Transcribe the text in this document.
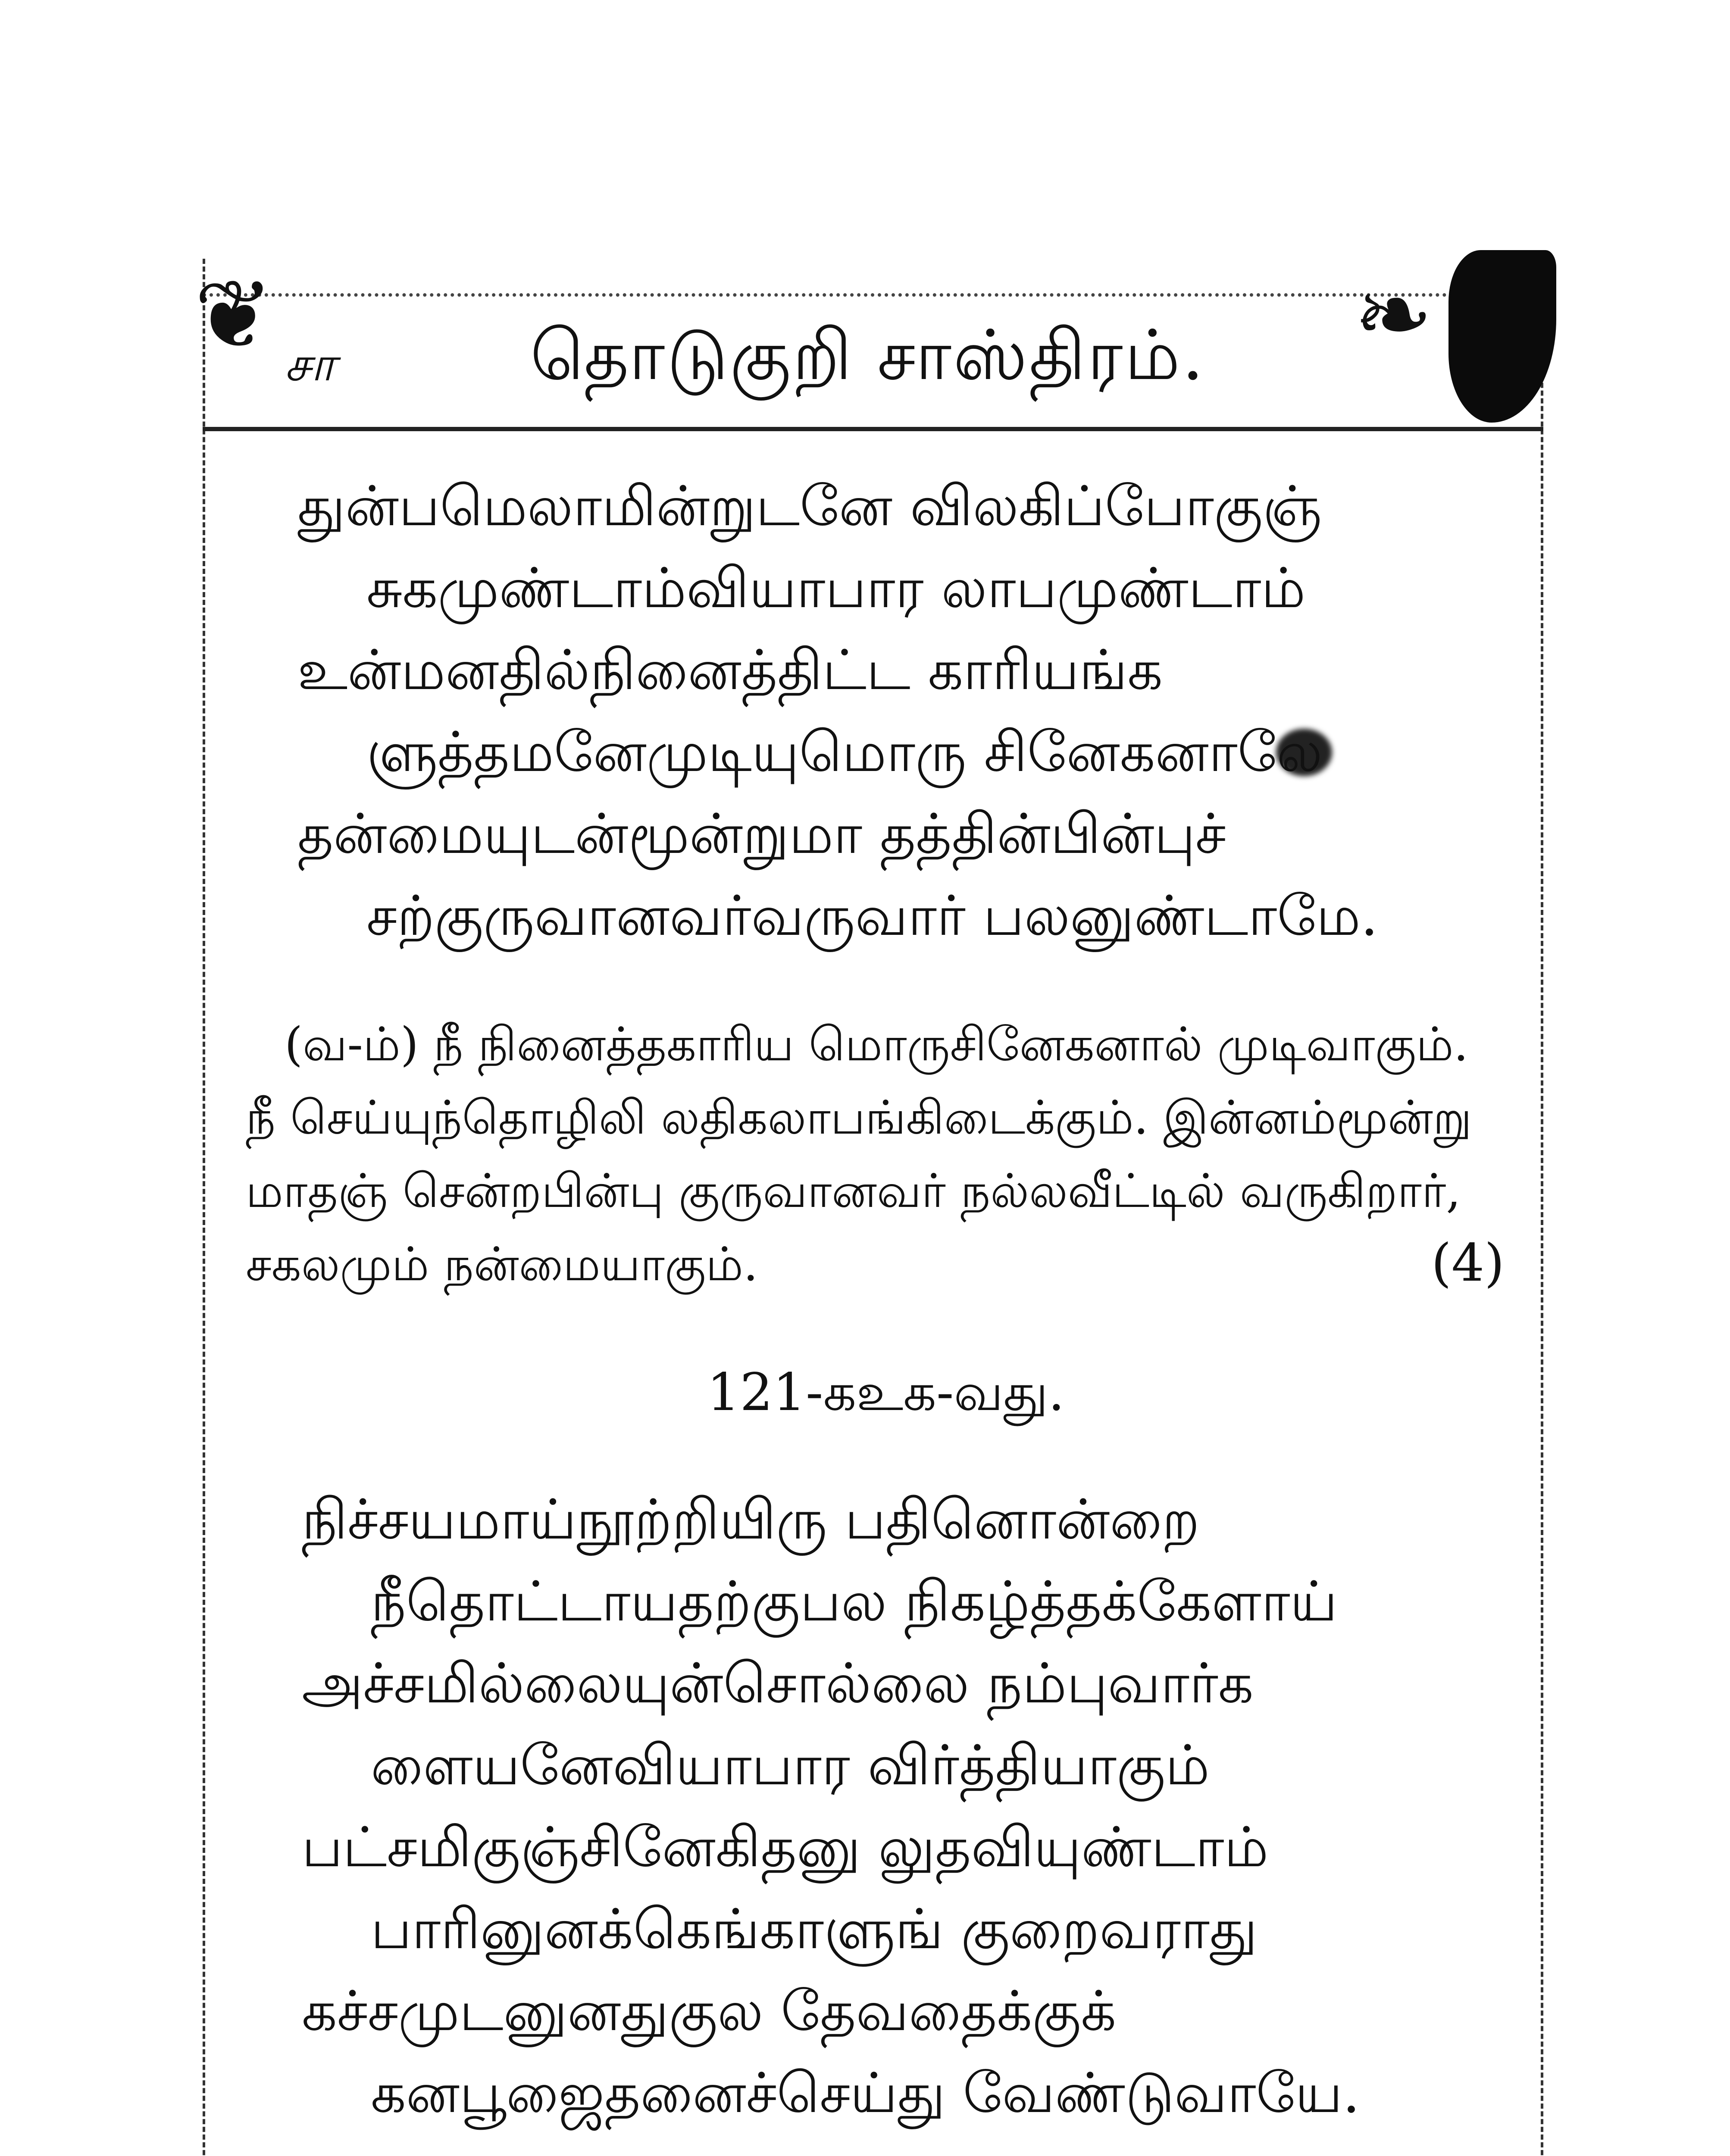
❦	❧
சா	தொடுகுறி சாஸ்திரம்.
துன்பமெலாமின்றுடனே விலகிப்போகுஞ்
சுகமுண்டாம்வியாபார லாபமுண்டாம்
உன்மனதில்நினைத்திட்ட காரியங்க
ளுத்தமனேமுடியுமொரு சினேகனாலே
தன்மையுடன்மூன்றுமா தத்தின்பின்புச்
சற்குருவானவர்வருவார் பலனுண்டாமே.
(வ-ம்) நீ நினைத்தகாரிய மொருசினேகனால் முடிவாகும்.
நீ செய்யுந்தொழிலி லதிகலாபங்கிடைக்கும். இன்னம்மூன்று
மாதஞ் சென்றபின்பு குருவானவர் நல்லவீட்டில் வருகிறார்,
சகலமும் நன்மையாகும்.	(4)
121-கஉக-வது.
நிச்சயமாய்நூற்றியிரு பதினொன்றை
நீதொட்டாயதற்குபல நிகழ்த்தக்கேளாய்
அச்சமில்லையுன்சொல்லை நம்புவார்க
ளையனேவியாபார விர்த்தியாகும்
பட்சமிகுஞ்சினேகிதனு லுதவியுண்டாம்
பாரினுனக்கெங்காளுங் குறைவராது
கச்சமுடனுனதுகுல தேவதைக்குக்
கனபூஜைதனைச்செய்து வேண்டுவாயே.
